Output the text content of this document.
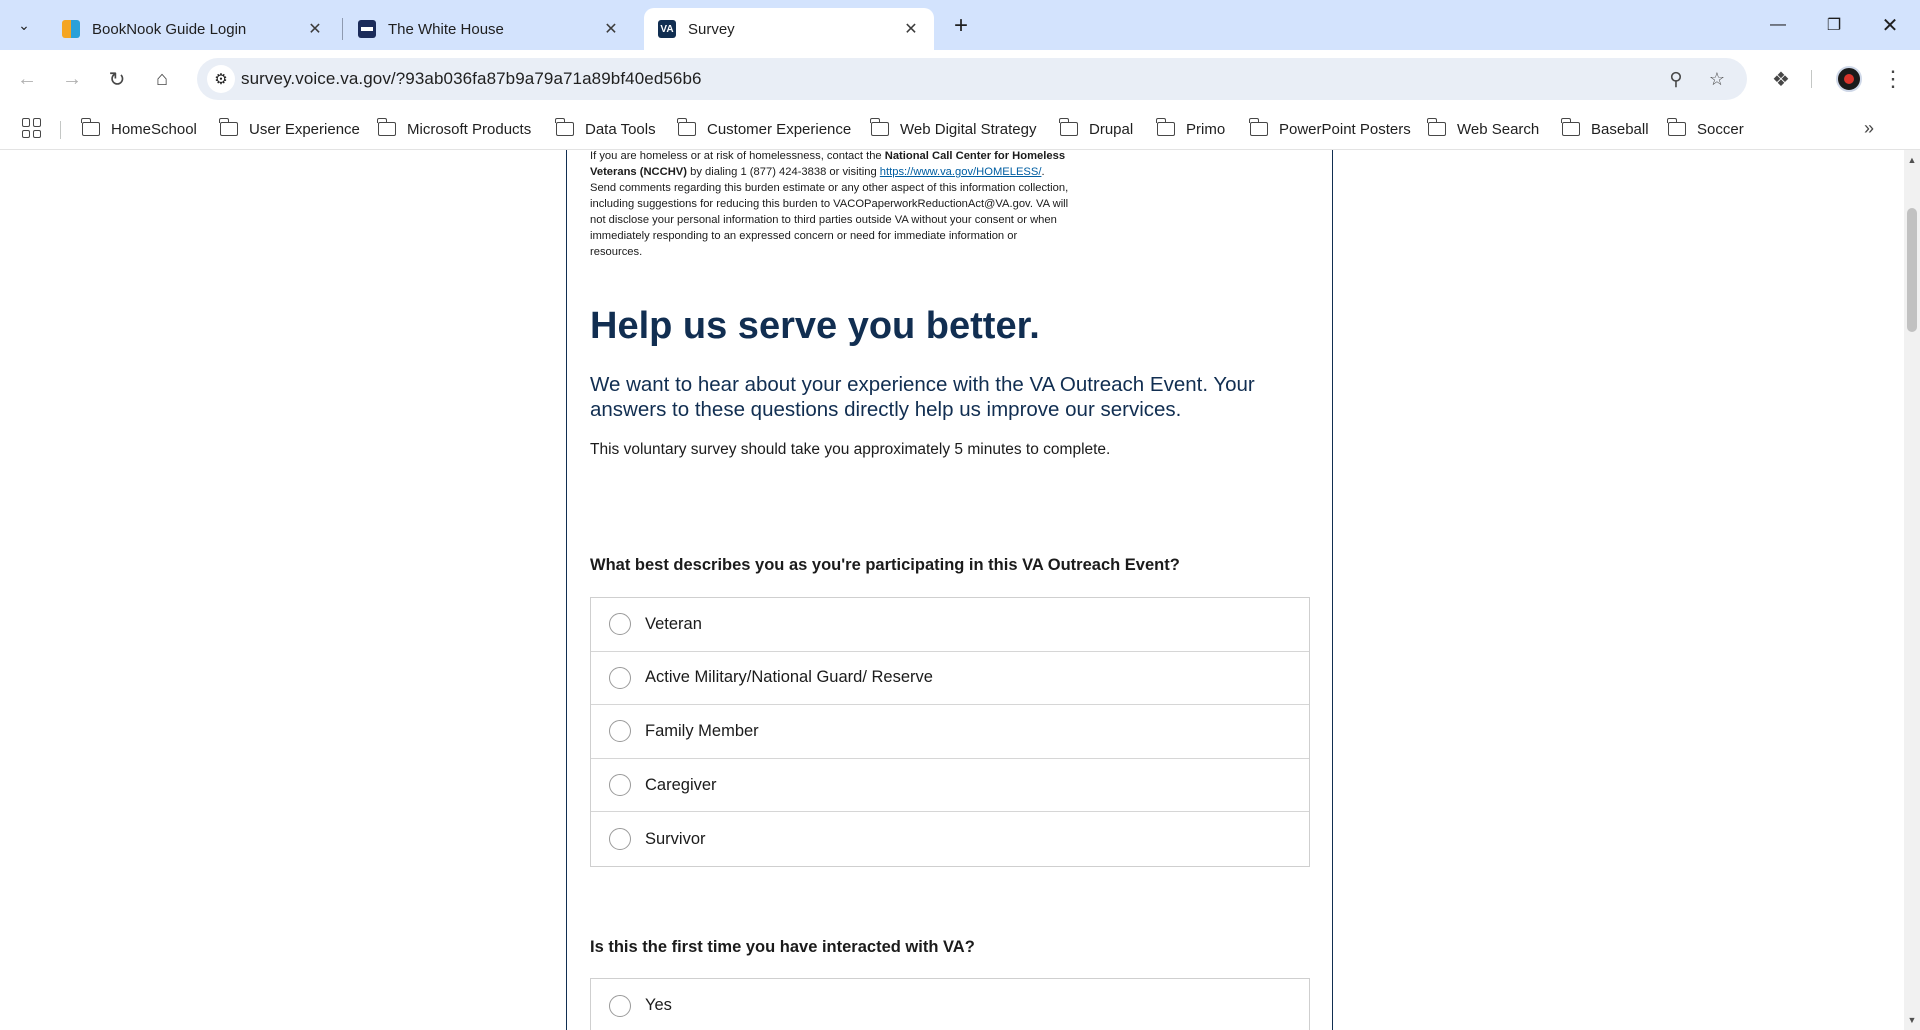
⌄	BookNook Guide Login	✕	The White House	✕	VA Survey	✕	+	—	❐	✕
←	→	↻	⌂	⚙ survey.voice.va.gov/?93ab036fa87b9a79a71a89bf40ed56b6	⚲	☆	❖	⋮
HomeSchool	User Experience	Microsoft Products	Data Tools	Customer Experience	Web Digital Strategy	Drupal	Primo	PowerPoint Posters	Web Search	Baseball	Soccer	»
If you are homeless or at risk of homelessness, contact the National Call Center for Homeless Veterans (NCCHV) by dialing 1 (877) 424-3838 or visiting https://www.va.gov/HOMELESS/. Send comments regarding this burden estimate or any other aspect of this information collection, including suggestions for reducing this burden to VACOPaperworkReductionAct@VA.gov. VA will not disclose your personal information to third parties outside VA without your consent or when immediately responding to an expressed concern or need for immediate information or resources.
Help us serve you better.

We want to hear about your experience with the VA Outreach Event. Your answers to these questions directly help us improve our services.

This voluntary survey should take you approximately 5 minutes to complete.

What best describes you as you're participating in this VA Outreach Event?
Veteran
Active Military/National Guard/ Reserve
Family Member
Caregiver
Survivor
Is this the first time you have interacted with VA?
Yes
▲
▼
